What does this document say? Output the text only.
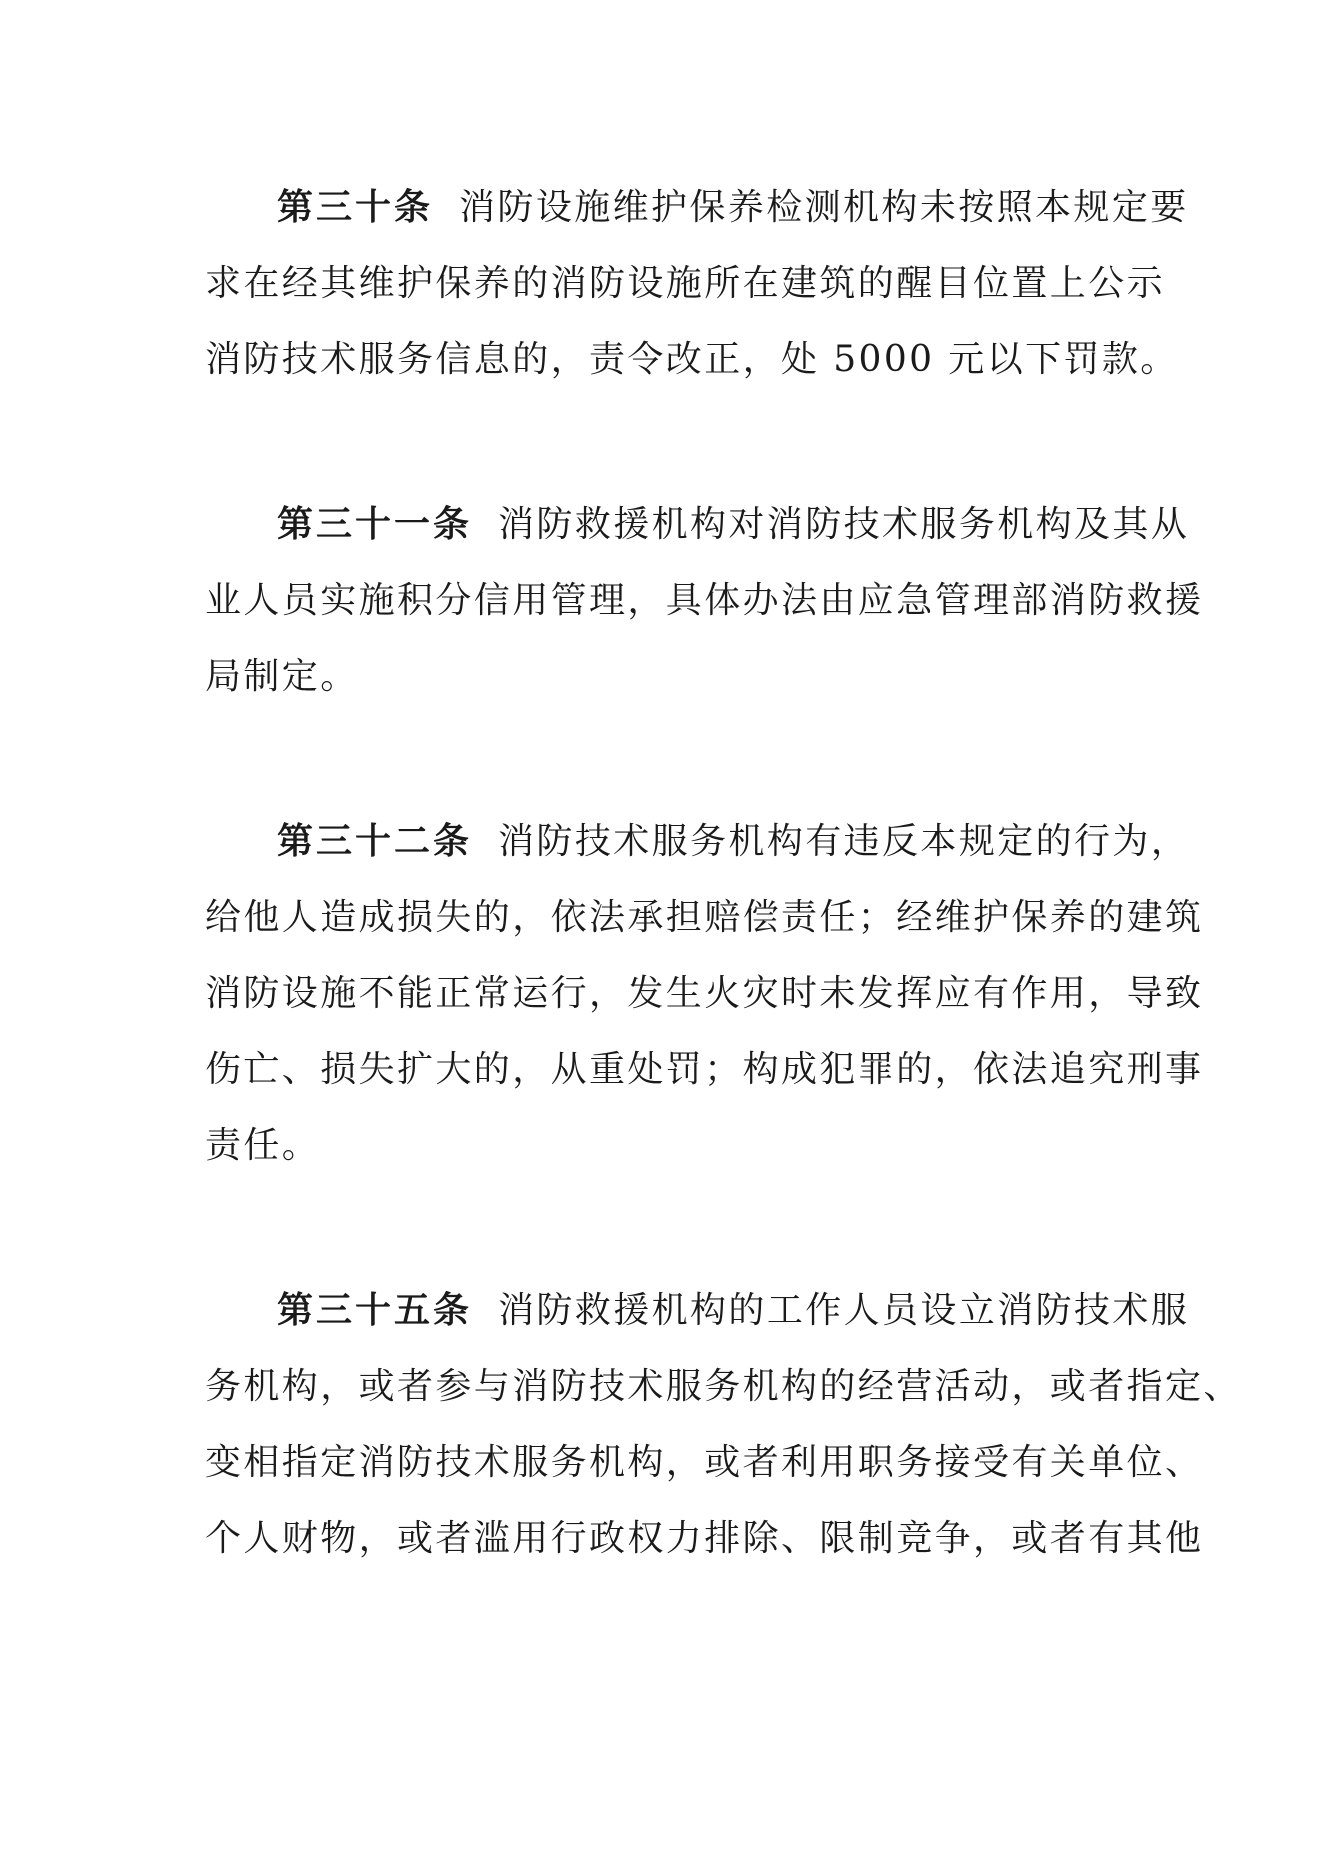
第三十条 消防设施维护保养检测机构未按照本规定要
求在经其维护保养的消防设施所在建筑的醒目位置上公示
消防技术服务信息的，责令改正，处 5000 元以下罚款。
第三十一条 消防救援机构对消防技术服务机构及其从
业人员实施积分信用管理，具体办法由应急管理部消防救援
局制定。
第三十二条 消防技术服务机构有违反本规定的行为，
给他人造成损失的，依法承担赔偿责任；经维护保养的建筑
消防设施不能正常运行，发生火灾时未发挥应有作用，导致
伤亡、损失扩大的，从重处罚；构成犯罪的，依法追究刑事
责任。
第三十五条 消防救援机构的工作人员设立消防技术服
务机构，或者参与消防技术服务机构的经营活动，或者指定、
变相指定消防技术服务机构，或者利用职务接受有关单位、
个人财物，或者滥用行政权力排除、限制竞争，或者有其他
